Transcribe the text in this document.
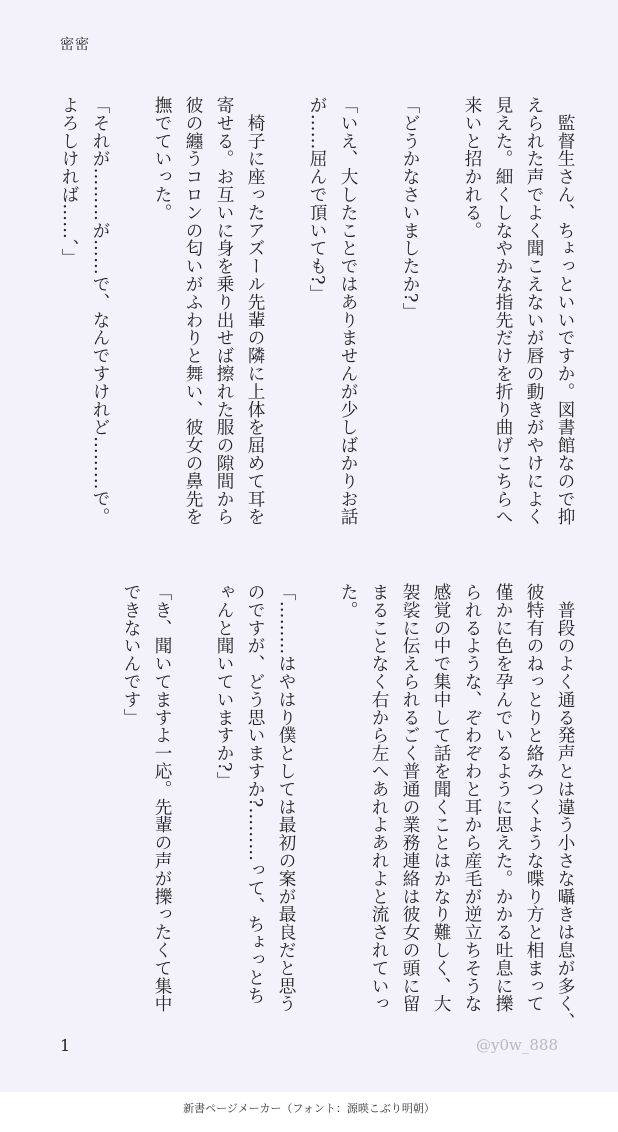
密密
　監督生さん、ちょっといいですか。図書館なので抑
えられた声でよく聞こえないが唇の動きがやけによく
見えた。細くしなやかな指先だけを折り曲げこちらへ
来いと招かれる。

「どうかなさいましたか?」

「いえ、大したことではありませんが少しばかりお話
が……屈んで頂いても?」

　椅子に座ったアズール先輩の隣に上体を屈めて耳を
寄せる。お互いに身を乗り出せば擦れた服の隙間から
彼の纏うコロンの匂いがふわりと舞い、彼女の鼻先を
撫でていった。

「それが………が……で、なんですけれど………で。
よろしければ……、」
　普段のよく通る発声とは違う小さな囁きは息が多く、
彼特有のねっとりと絡みつくような喋り方と相まって
僅かに色を孕んでいるように思えた。かかる吐息に擽
られるような、ぞわぞわと耳から産毛が逆立ちそうな
感覚の中で集中して話を聞くことはかなり難しく、大
袈裟に伝えられるごく普通の業務連絡は彼女の頭に留
まることなく右から左へあれよあれよと流されていっ
た。

「………はやはり僕としては最初の案が最良だと思う
のですが、どう思いますか?………って、ちょっとち
ゃんと聞いていますか?」

「き、聞いてますよ一応。先輩の声が擽ったくて集中
できないんです」
1	@y0w_888
新書ページメーカー（フォント：源暎こぶり明朝）
